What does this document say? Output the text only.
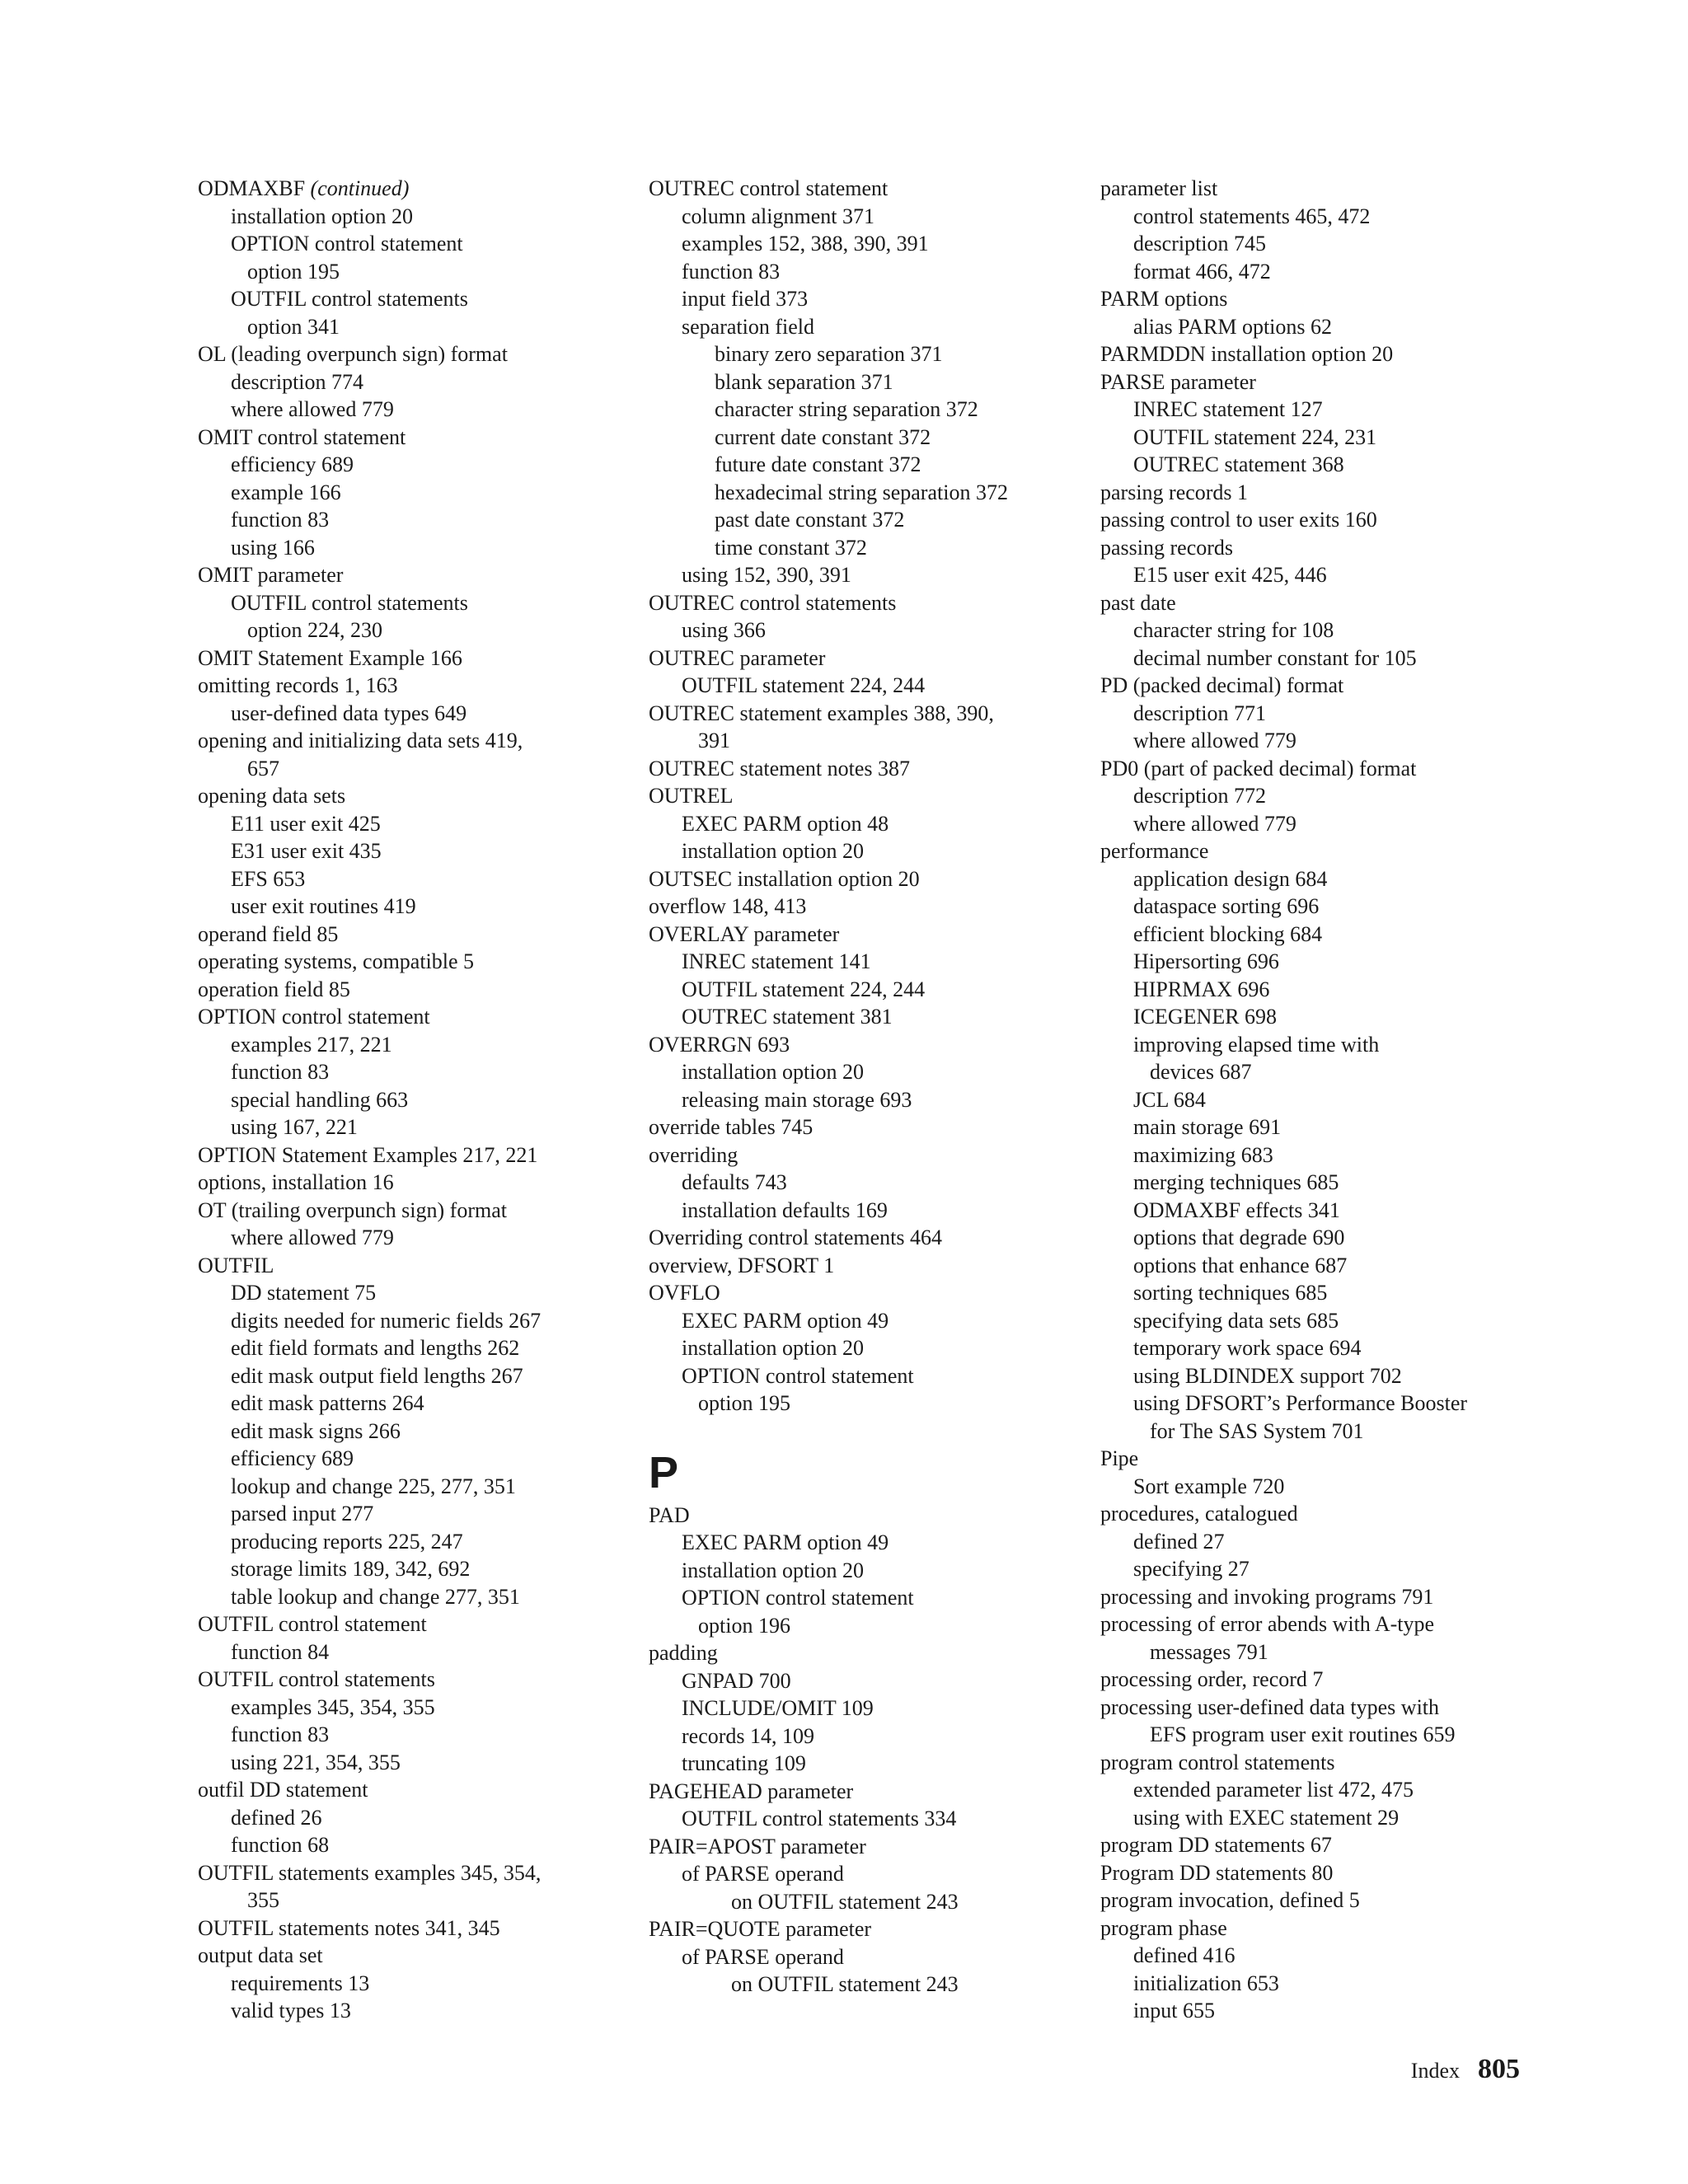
ODMAXBF (continued)
installation option 20
OPTION control statement
option 195
OUTFIL control statements
option 341
OL (leading overpunch sign) format
description 774
where allowed 779
OMIT control statement
efficiency 689
example 166
function 83
using 166
OMIT parameter
OUTFIL control statements
option 224, 230
OMIT Statement Example 166
omitting records 1, 163
user-defined data types 649
opening and initializing data sets 419,
657
opening data sets
E11 user exit 425
E31 user exit 435
EFS 653
user exit routines 419
operand field 85
operating systems, compatible 5
operation field 85
OPTION control statement
examples 217, 221
function 83
special handling 663
using 167, 221
OPTION Statement Examples 217, 221
options, installation 16
OT (trailing overpunch sign) format
where allowed 779
OUTFIL
DD statement 75
digits needed for numeric fields 267
edit field formats and lengths 262
edit mask output field lengths 267
edit mask patterns 264
edit mask signs 266
efficiency 689
lookup and change 225, 277, 351
parsed input 277
producing reports 225, 247
storage limits 189, 342, 692
table lookup and change 277, 351
OUTFIL control statement
function 84
OUTFIL control statements
examples 345, 354, 355
function 83
using 221, 354, 355
outfil DD statement
defined 26
function 68
OUTFIL statements examples 345, 354,
355
OUTFIL statements notes 341, 345
output data set
requirements 13
valid types 13
OUTREC control statement
column alignment 371
examples 152, 388, 390, 391
function 83
input field 373
separation field
binary zero separation 371
blank separation 371
character string separation 372
current date constant 372
future date constant 372
hexadecimal string separation 372
past date constant 372
time constant 372
using 152, 390, 391
OUTREC control statements
using 366
OUTREC parameter
OUTFIL statement 224, 244
OUTREC statement examples 388, 390,
391
OUTREC statement notes 387
OUTREL
EXEC PARM option 48
installation option 20
OUTSEC installation option 20
overflow 148, 413
OVERLAY parameter
INREC statement 141
OUTFIL statement 224, 244
OUTREC statement 381
OVERRGN 693
installation option 20
releasing main storage 693
override tables 745
overriding
defaults 743
installation defaults 169
Overriding control statements 464
overview, DFSORT 1
OVFLO
EXEC PARM option 49
installation option 20
OPTION control statement
option 195
P
PAD
EXEC PARM option 49
installation option 20
OPTION control statement
option 196
padding
GNPAD 700
INCLUDE/OMIT 109
records 14, 109
truncating 109
PAGEHEAD parameter
OUTFIL control statements 334
PAIR=APOST parameter
of PARSE operand
on OUTFIL statement 243
PAIR=QUOTE parameter
of PARSE operand
on OUTFIL statement 243
parameter list
control statements 465, 472
description 745
format 466, 472
PARM options
alias PARM options 62
PARMDDN installation option 20
PARSE parameter
INREC statement 127
OUTFIL statement 224, 231
OUTREC statement 368
parsing records 1
passing control to user exits 160
passing records
E15 user exit 425, 446
past date
character string for 108
decimal number constant for 105
PD (packed decimal) format
description 771
where allowed 779
PD0 (part of packed decimal) format
description 772
where allowed 779
performance
application design 684
dataspace sorting 696
efficient blocking 684
Hipersorting 696
HIPRMAX 696
ICEGENER 698
improving elapsed time with
devices 687
JCL 684
main storage 691
maximizing 683
merging techniques 685
ODMAXBF effects 341
options that degrade 690
options that enhance 687
sorting techniques 685
specifying data sets 685
temporary work space 694
using BLDINDEX support 702
using DFSORT’s Performance Booster
for The SAS System 701
Pipe
Sort example 720
procedures, catalogued
defined 27
specifying 27
processing and invoking programs 791
processing of error abends with A-type
messages 791
processing order, record 7
processing user-defined data types with
EFS program user exit routines 659
program control statements
extended parameter list 472, 475
using with EXEC statement 29
program DD statements 67
Program DD statements 80
program invocation, defined 5
program phase
defined 416
initialization 653
input 655
Index 805
